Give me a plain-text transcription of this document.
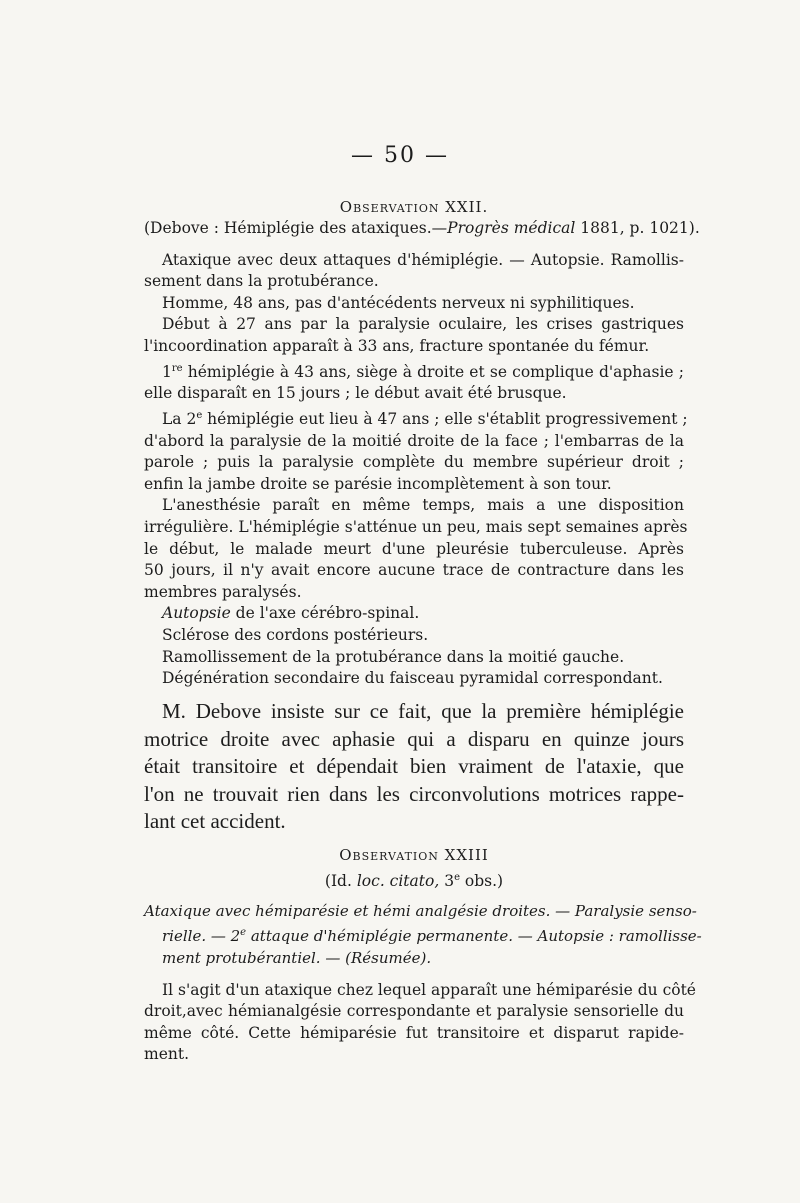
— 50 —
Observation XXII.
(Debove : Hémiplégie des ataxiques.—Progrès médical 1881, p. 1021).
Ataxique avec deux attaques d'hémiplégie. — Autopsie. Ramollis-
sement dans la protubérance.
Homme, 48 ans, pas d'antécédents nerveux ni syphilitiques.
Début à 27 ans par la paralysie oculaire, les crises gastriques
l'incoordination apparaît à 33 ans, fracture spontanée du fémur.
1re hémiplégie à 43 ans, siège à droite et se complique d'aphasie ;
elle disparaît en 15 jours ; le début avait été brusque.
La 2e hémiplégie eut lieu à 47 ans ; elle s'établit progressivement ;
d'abord la paralysie de la moitié droite de la face ; l'embarras de la
parole ; puis la paralysie complète du membre supérieur droit ;
enfin la jambe droite se parésie incomplètement à son tour.
L'anesthésie paraît en même temps, mais a une disposition
irrégulière. L'hémiplégie s'atténue un peu, mais sept semaines après
le début, le malade meurt d'une pleurésie tuberculeuse. Après
50 jours, il n'y avait encore aucune trace de contracture dans les
membres paralysés.
Autopsie de l'axe cérébro-spinal.
Sclérose des cordons postérieurs.
Ramollissement de la protubérance dans la moitié gauche.
Dégénération secondaire du faisceau pyramidal correspondant.
M. Debove insiste sur ce fait, que la première hémiplégie
motrice droite avec aphasie qui a disparu en quinze jours
était transitoire et dépendait bien vraiment de l'ataxie, que
l'on ne trouvait rien dans les circonvolutions motrices rappe-
lant cet accident.
Observation XXIII
(Id. loc. citato, 3e obs.)
Ataxique avec hémiparésie et hémi analgésie droites. — Paralysie senso-
rielle. — 2e attaque d'hémiplégie permanente. — Autopsie : ramollisse-
ment protubérantiel. — (Résumée).
Il s'agit d'un ataxique chez lequel apparaît une hémiparésie du côté
droit,avec hémianalgésie correspondante et paralysie sensorielle du
même côté. Cette hémiparésie fut transitoire et disparut rapide-
ment.
